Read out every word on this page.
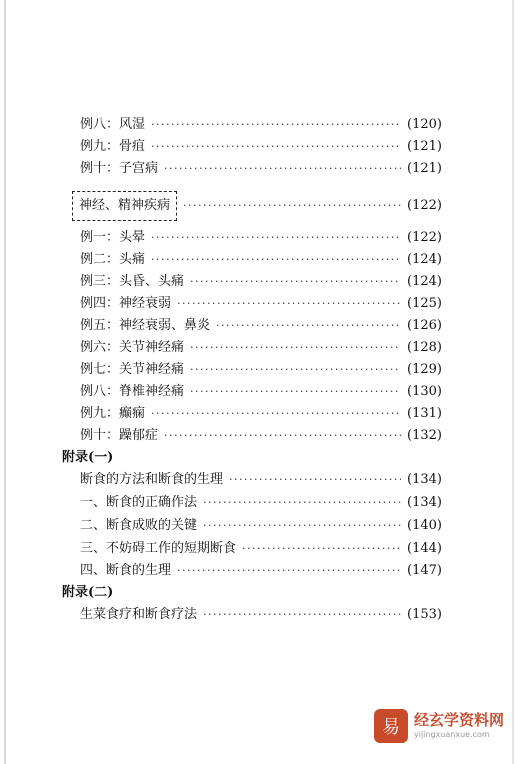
例八：风湿 ·····	(120)
例九：骨疽 ·····	(121)
例十：子宫病 ·····	(121)
神经、精神疾病 ·····	(122)
例一：头晕 ·····	(122)
例二：头痛 ·····	(124)
例三：头昏、头痛 ·····	(124)
例四：神经衰弱 ·····	(125)
例五：神经衰弱、鼻炎 ·····	(126)
例六：关节神经痛 ·····	(128)
例七：关节神经痛 ·····	(129)
例八：脊椎神经痛 ·····	(130)
例九：癫痫 ·····	(131)
例十：躁郁症 ·····	(132)
附录(一)
断食的方法和断食的生理 ·····	(134)
一、断食的正确作法 ·····	(134)
二、断食成败的关键 ·····	(140)
三、不妨碍工作的短期断食 ·····	(144)
四、断食的生理 ·····	(147)
附录(二)
生菜食疗和断食疗法 ·····	(153)
易 经玄学资料网
yijingxuanxue.com
